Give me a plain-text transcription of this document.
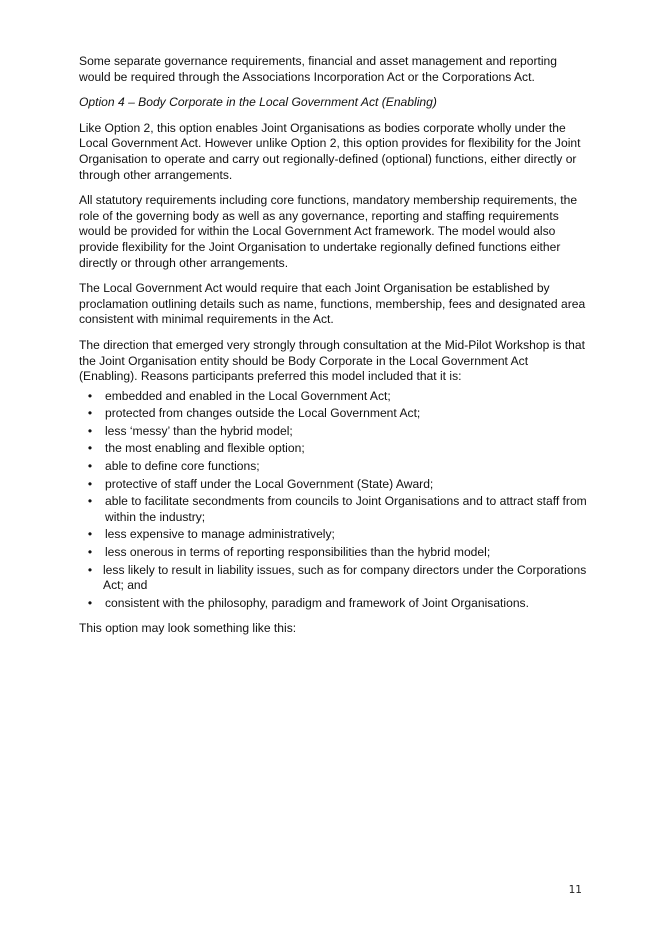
Some separate governance requirements, financial and asset management and reporting would be required through the Associations Incorporation Act or the Corporations Act.

Option 4 – Body Corporate in the Local Government Act (Enabling)

Like Option 2, this option enables Joint Organisations as bodies corporate wholly under the Local Government Act. However unlike Option 2, this option provides for flexibility for the Joint Organisation to operate and carry out regionally-defined (optional) functions, either directly or through other arrangements.

All statutory requirements including core functions, mandatory membership requirements, the role of the governing body as well as any governance, reporting and staffing requirements would be provided for within the Local Government Act framework. The model would also provide flexibility for the Joint Organisation to undertake regionally defined functions either directly or through other arrangements.

The Local Government Act would require that each Joint Organisation be established by proclamation outlining details such as name, functions, membership, fees and designated area consistent with minimal requirements in the Act.

The direction that emerged very strongly through consultation at the Mid-Pilot Workshop is that the Joint Organisation entity should be Body Corporate in the Local Government Act (Enabling). Reasons participants preferred this model included that it is:

• embedded and enabled in the Local Government Act;
• protected from changes outside the Local Government Act;
• less ‘messy’ than the hybrid model;
• the most enabling and flexible option;
• able to define core functions;
• protective of staff under the Local Government (State) Award;
• able to facilitate secondments from councils to Joint Organisations and to attract staff from within the industry;
• less expensive to manage administratively;
• less onerous in terms of reporting responsibilities than the hybrid model;
• less likely to result in liability issues, such as for company directors under the Corporations Act; and
• consistent with the philosophy, paradigm and framework of Joint Organisations.

This option may look something like this:

11
